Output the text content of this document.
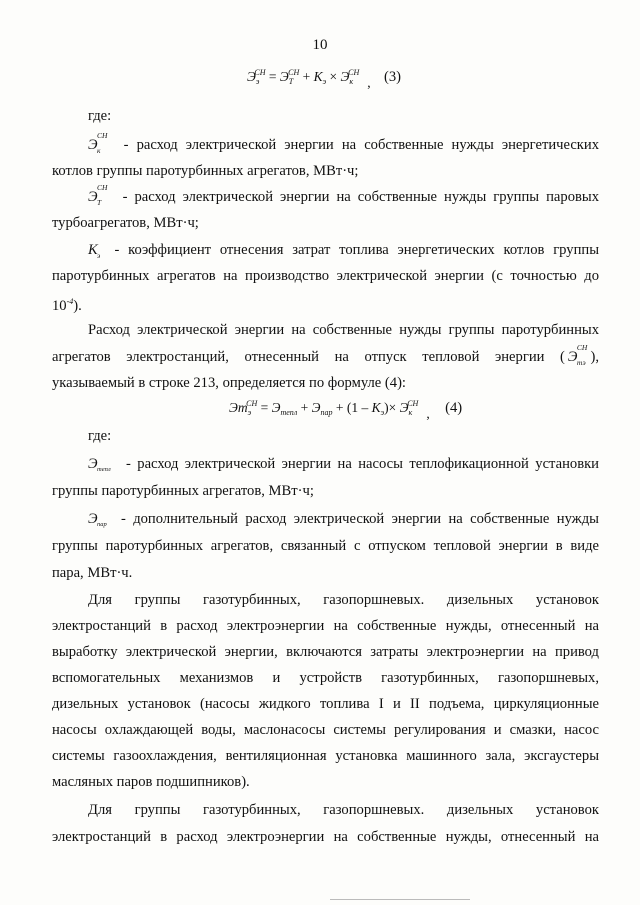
10
$Э_э^{СН} = Э_Т^{СН} + К_э \times Э_к^{СН}$, (3)
где:
Э
СН
к - расход электрической энергии на собственные нужды энергетических
котлов группы паротурбинных агрегатов, МВт·ч;
Э
СН
Т - расход электрической энергии на собственные нужды группы паровых
турбоагрегатов, МВт·ч;
К э - коэффициент отнесения затрат топлива энергетических котлов группы
паротурбинных агрегатов на производство электрической энергии (с точностью до
$10^{-4}$).
Расход электрической энергии на собственные нужды группы паротурбинных
агрегатов электростанций, отнесенный на отпуск тепловой энергии ( Э
СН
тэ ),
указываемый в строке 213, определяется по формуле (4):
$Эт_э^{СН} = Э_{тепл} + Э_{пар} + (1 - К_э)\times Э_к^{СН}$, (4)
где:
Э тепл - расход электрической энергии на насосы теплофикационной установки
группы паротурбинных агрегатов, МВт·ч;
Э пар - дополнительный расход электрической энергии на собственные нужды
группы паротурбинных агрегатов, связанный с отпуском тепловой энергии в виде
пара, МВт·ч.
Для группы газотурбинных, газопоршневых. дизельных установок
электростанций в расход электроэнергии на собственные нужды, отнесенный на
выработку электрической энергии, включаются затраты электроэнергии на привод
вспомогательных механизмов и устройств газотурбинных, газопоршневых,
дизельных установок (насосы жидкого топлива I и II подъема, циркуляционные
насосы охлаждающей воды, маслонасосы системы регулирования и смазки, насос
системы газоохлаждения, вентиляционная установка машинного зала, эксгаустеры
масляных паров подшипников).
Для группы газотурбинных, газопоршневых. дизельных установок
электростанций в расход электроэнергии на собственные нужды, отнесенный на
